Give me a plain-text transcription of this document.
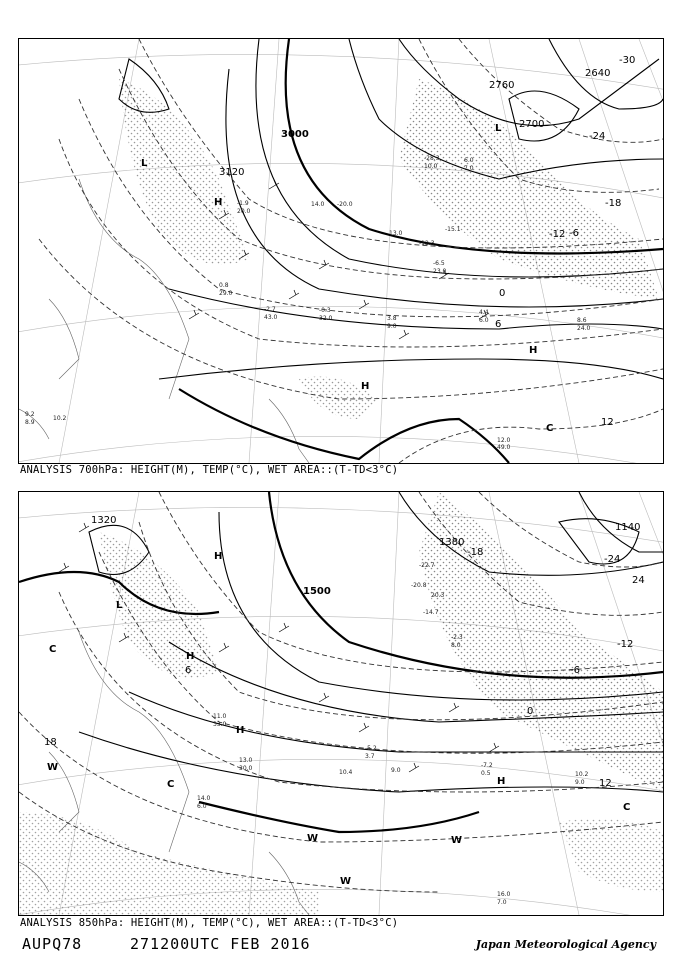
3000
3120
2760
2640
2700
-18
-12 -6
0
6
12
-24
-30
L
H
L
H
H
C
12.0
49.0
8.6
24.0
3.8
9.0
4.4
6.0
-6.5
23.0
-12.3
-15.1
-20.0
13.0
6.0
7.0
-28.3
10.0
14.0
-1.9
20.0
0.8
29.0
-2.7
43.0
9.2
8.9
10.2
-0.3
32.0
ANALYSIS 700hPa: HEIGHT(M), TEMP(°C), WET AREA::(T-TD<3°C)
1500
1380
1140
1320
-18
-12
-6
0
6
12
18
24
-24
H
H
L
H
H
C
C
C
W
W	W
W
16.0
7.0
10.2
9.0
-7.2
0.5
-2.3
8.0
20.3
-22.7
-20.8
-14.7
13.0
30.0
11.0
33.0
10.4	9.0
-5.2
3.7
14.0
6.0
ANALYSIS 850hPa: HEIGHT(M), TEMP(°C), WET AREA::(T-TD<3°C)
AUPQ78	271200UTC FEB 2016	Japan Meteorological Agency
